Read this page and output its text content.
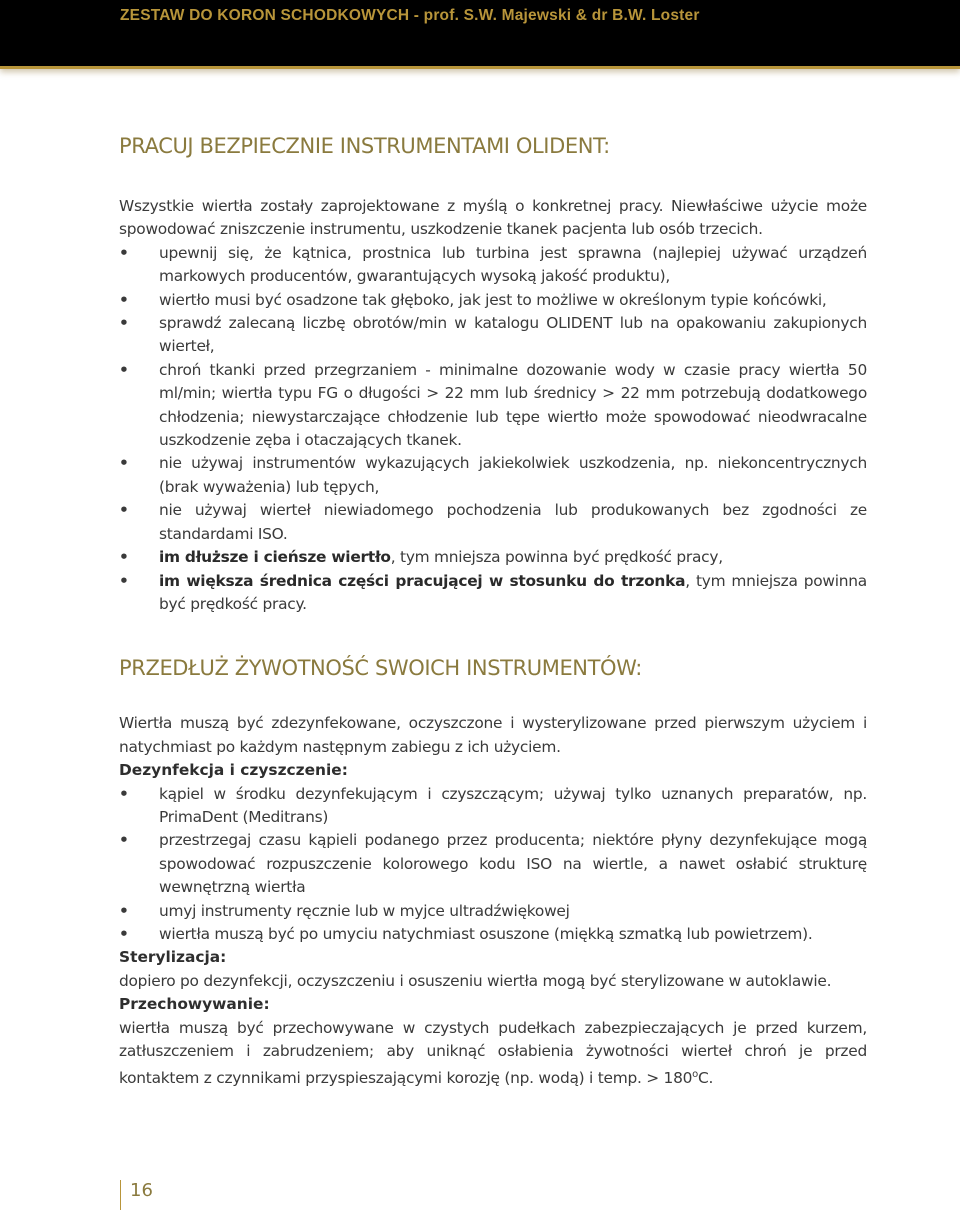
ZESTAW DO KORON SCHODKOWYCH - prof. S.W. Majewski & dr B.W. Loster
PRACUJ BEZPIECZNIE INSTRUMENTAMI OLIDENT:

Wszystkie wiertła zostały zaprojektowane z myślą o konkretnej pracy. Niewłaściwe użycie może spowodować zniszczenie instrumentu, uszkodzenie tkanek pacjenta lub osób trzecich.

• upewnij się, że kątnica, prostnica lub turbina jest sprawna (najlepiej używać urządzeń markowych producentów, gwarantujących wysoką jakość produktu),
• wiertło musi być osadzone tak głęboko, jak jest to możliwe w określonym typie końcówki,
• sprawdź zalecaną liczbę obrotów/min w katalogu OLIDENT lub na opakowaniu zakupionych wierteł,
• chroń tkanki przed przegrzaniem - minimalne dozowanie wody w czasie pracy wiertła 50 ml/min; wiertła typu FG o długości > 22 mm lub średnicy > 22 mm potrzebują dodatkowego chłodzenia; niewystarczające chłodzenie lub tępe wiertło może spowodować nieodwracalne uszkodzenie zęba i otaczających tkanek.
• nie używaj instrumentów wykazujących jakiekolwiek uszkodzenia, np. niekoncentrycznych (brak wyważenia) lub tępych,
• nie używaj wierteł niewiadomego pochodzenia lub produkowanych bez zgodności ze standardami ISO.
• im dłuższe i cieńsze wiertło, tym mniejsza powinna być prędkość pracy,
• im większa średnica części pracującej w stosunku do trzonka, tym mniejsza powinna być prędkość pracy.
PRZEDŁUŻ ŻYWOTNOŚĆ SWOICH INSTRUMENTÓW:

Wiertła muszą być zdezynfekowane, oczyszczone i wysterylizowane przed pierwszym użyciem i natychmiast po każdym następnym zabiegu z ich użyciem.

Dezynfekcja i czyszczenie:
• kąpiel w środku dezynfekującym i czyszczącym; używaj tylko uznanych preparatów, np. PrimaDent (Meditrans)
• przestrzegaj czasu kąpieli podanego przez producenta; niektóre płyny dezynfekujące mogą spowodować rozpuszczenie kolorowego kodu ISO na wiertle, a nawet osłabić strukturę wewnętrzną wiertła
• umyj instrumenty ręcznie lub w myjce ultradźwiękowej
• wiertła muszą być po umyciu natychmiast osuszone (miękką szmatką lub powietrzem).
Sterylizacja:

dopiero po dezynfekcji, oczyszczeniu i osuszeniu wiertła mogą być sterylizowane w autoklawie.

Przechowywanie:

wiertła muszą być przechowywane w czystych pudełkach zabezpieczających je przed kurzem, zatłuszczeniem i zabrudzeniem; aby uniknąć osłabienia żywotności wierteł chroń je przed kontaktem z czynnikami przyspieszającymi korozję (np. wodą) i temp. > $180^oC$.

16
